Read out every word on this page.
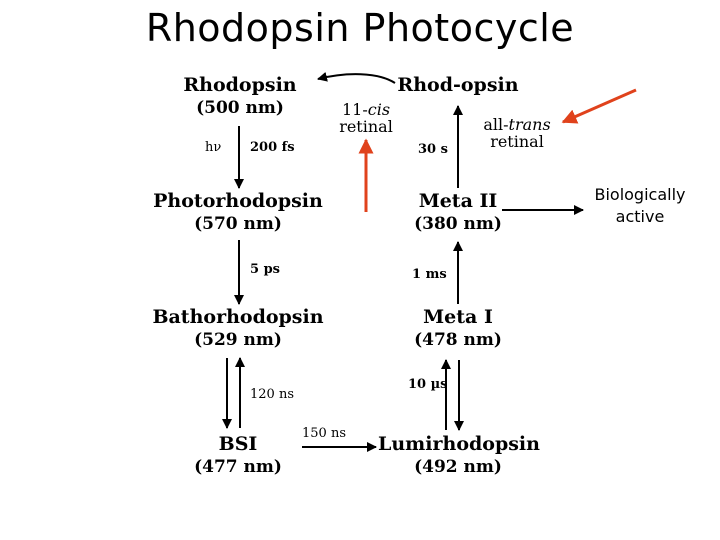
Rhodopsin Photocycle
Rhodopsin
(500 nm)
Rhod-opsin
Photorhodopsin
(570 nm)
Meta II
(380 nm)
Bathorhodopsin
(529 nm)
Meta I
(478 nm)
BSI
(477 nm)
Lumirhodopsin
(492 nm)
hν 200 fs
5 ps
120 ns
150 ns
10 µs
1 ms
30 s
11-cis
retinal	all-trans
retinal
Biologically active
